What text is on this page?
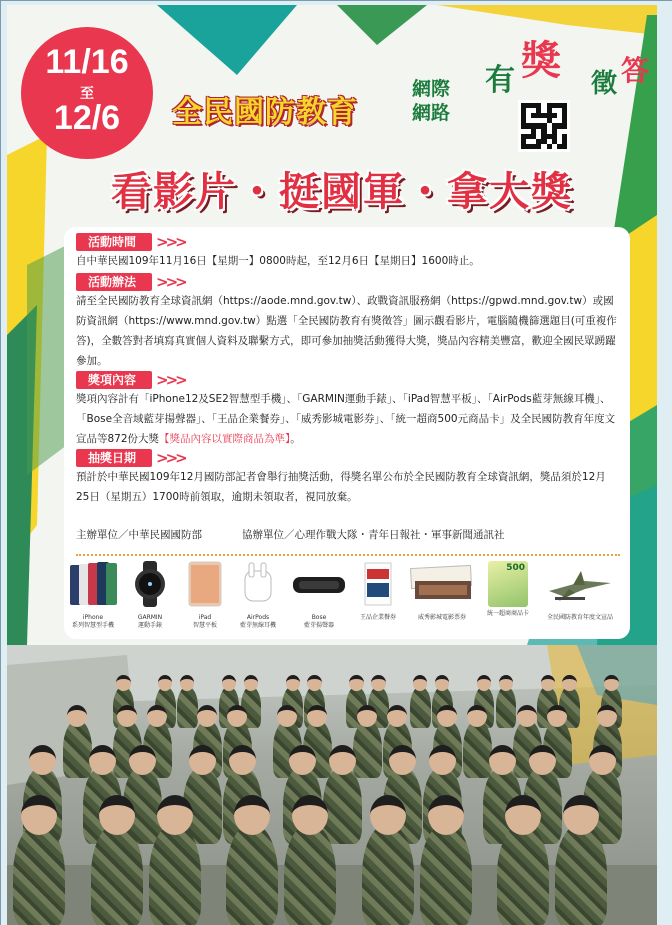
11/16
至
12/6	全民國防教育
網際
網路
有 獎 徵 答
看影片・挺國軍・拿大獎
活動時間	>>>
自中華民國109年11月16日【星期一】0800時起，至12月6日【星期日】1600時止。
活動辦法	>>>
請至全民國防教育全球資訊網（https://aode.mnd.gov.tw）、政戰資訊服務網（https://gpwd.mnd.gov.tw）或國防資訊網（https://www.mnd.gov.tw）點選「全民國防教育有獎徵答」圖示觀看影片，電腦隨機篩選題目(可重複作答)，全數答對者填寫真實個人資料及聯繫方式，即可參加抽獎活動獲得大獎，獎品內容精美豐富，歡迎全國民眾踴躍參加。
獎項內容	>>>
獎項內容計有「iPhone12及SE2智慧型手機」、「GARMIN運動手錶」、「iPad智慧平板」、「AirPods藍芽無線耳機」、「Bose全音域藍芽揚聲器」、「王品企業餐券」、「威秀影城電影券」、「統一超商500元商品卡」及全民國防教育年度文宣品等872份大獎【獎品內容以實際商品為準】。
抽獎日期	>>>
預計於中華民國109年12月國防部記者會舉行抽獎活動，得獎名單公布於全民國防教育全球資訊網，獎品須於12月25日（星期五）1700時前領取，逾期未領取者，視同放棄。
主辦單位／中華民國國防部	協辦單位／心理作戰大隊・青年日報社・軍事新聞通訊社
iPhone
系列智慧型手機
GARMIN
運動手錶
iPad
智慧平板
AirPods
藍芽無線耳機
Bose
藍芽揚聲器
王品企業餐券	威秀影城電影票券
500
統一超商商品卡
全民國防教育年度文宣品
